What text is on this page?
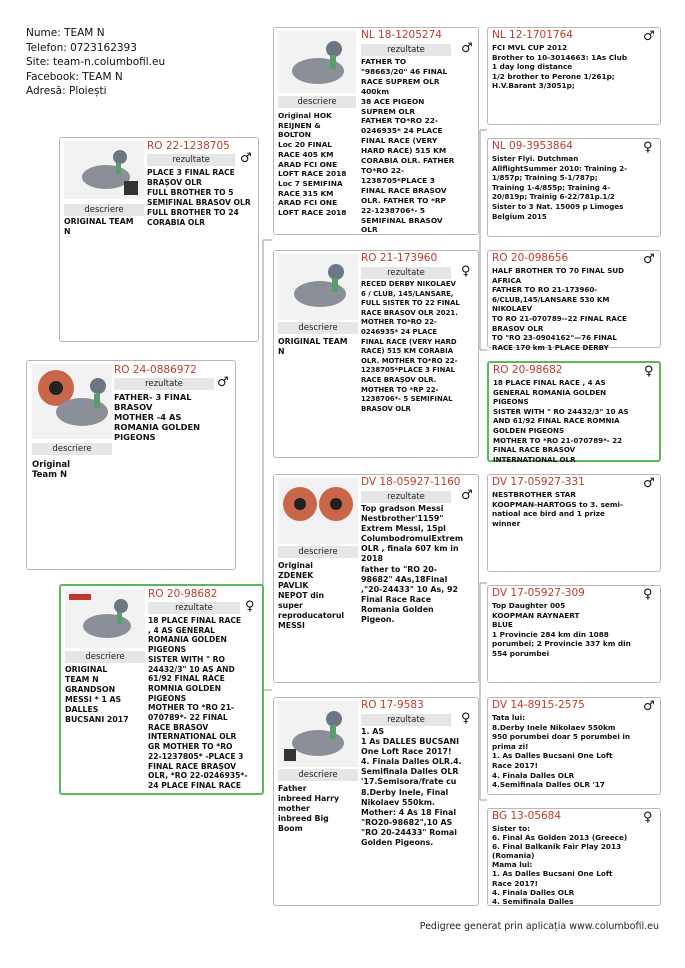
Nume: TEAM N
Telefon: 0723162393
Site: team-n.columbofil.eu
Facebook: TEAM N
Adresă: Ploiești
descriere
Original
Team N
RO 24-0886972
♂
rezultate
FATHER- 3 FINAL
BRASOV
MOTHER -4 AS
ROMANIA GOLDEN
PIGEONS
descriere
ORIGINAL TEAM
N
RO 22-1238705
♂
rezultate
PLACE 3 FINAL RACE
BRAȘOV OLR
FULL BROTHER TO 5
SEMIFINAL BRASOV OLR
FULL BROTHER TO 24
CORABIA OLR
descriere
ORIGINAL
TEAM N
GRANDSON
MESSI * 1 AS
DALLES
BUCSANI 2017
RO 20-98682
♀
rezultate
18 PLACE FINAL RACE
, 4 AS GENERAL
ROMANIA GOLDEN
PIGEONS
SISTER WITH " RO
24432/3" 10 AS AND
61/92 FINAL RACE
ROMNIA GOLDEN
PIGEONS
MOTHER TO *RO 21-
070789*- 22 FINAL
RACE BRASOV
INTERNATIONAL OLR
GR MOTHER TO *RO
22-1237805* -PLACE 3
FINAL RACE BRAȘOV
OLR, *RO 22-0246935*-
24 PLACE FINAL RACE
descriere
Original HOK
REIJNEN &
BOLTON
Loc 20 FINAL
RACE 405 KM
ARAD FCI ONE
LOFT RACE 2018
Loc 7 SEMIFINA
RACE 315 KM
ARAD FCI ONE
LOFT RACE 2018
NL 18-1205274
♂
rezultate
FATHER TO
"98663/20" 46 FINAL
RACE SUPREM OLR
400km
38 ACE PIGEON
SUPREM OLR
FATHER TO*RO 22-
0246935* 24 PLACE
FINAL RACE (VERY
HARD RACE) 515 KM
CORABIA OLR. FATHER
TO*RO 22-
1238705*PLACE 3
FINAL RACE BRAȘOV
OLR. FATHER TO *RP
22-1238706*- 5
SEMIFINAL BRASOV
OLR
descriere
ORIGINAL TEAM
N
RO 21-173960
♀
rezultate
RECED DERBY NIKOLAEV
6 / CLUB, 145/LANSARE,
FULL SISTER TO 22 FINAL
RACE BRAȘOV OLR 2021.
MOTHER TO*RO 22-
0246935* 24 PLACE
FINAL RACE (VERY HARD
RACE) 515 KM CORABIA
OLR. MOTHER TO*RO 22-
1238705*PLACE 3 FINAL
RACE BRAȘOV OLR.
MOTHER TO *RP 22-
1238706*- 5 SEMIFINAL
BRASOV OLR
descriere
Original
ZDENEK
PAVLIK
NEPOT din
super
reproducatorul
MESSI
DV 18-05927-1160
♂
rezultate
Top gradson Messi
Nestbrother'1159"
Extrem Messi, 15pl
ColumbodromulExtrem
OLR , finala 607 km in
2018
father to "RO 20-
98682" 4As,18Final
,"20-24433" 10 As, 92
Final Race Race
Romania Golden
Pigeon.
descriere
Father
inbreed Harry
mother
inbreed Big
Boom
RO 17-9583
♀
rezultate
1. AS
1 As DALLES BUCSANI
One Loft Race 2017!
4. Finala Dalles OLR.4.
Semifinala Dalles OLR
'17.Semisora/frate cu
8.Derby Inele, Final
Nikolaev 550km.
Mother: 4 As 18 Final
"RO20-98682",10 AS
"RO 20-24433" Romai
Golden Pigeons.
NL 12-1701764	♂
FCI MVL CUP 2012
Brother to 10-3014663: 1As Club
1 day long distance
1/2 brother to Perone 1/261p;
H.V.Barant 3/3051p;
NL 09-3953864	♀
Sister Flyi. Dutchman
AllflightSummer 2010: Training 2-
1/857p; Training 5-1/787p;
Training 1-4/855p; Training 4-
20/819p; Trainig 6-22/781p.1/2
Sister to 3 Nat. 15009 p Limoges
Belgium 2015
RO 20-098656	♂
HALF BROTHER TO 70 FINAL SUD
AFRICA
FATHER TO RO 21-173960-
6/CLUB,145/LANSARE 530 KM
NIKOLAEV
TO RO 21-070789--22 FINAL RACE
BRASOV OLR
TO "RO 23-0904162"—76 FINAL
RACE 170 km 1 PLACE DERBY
RO 20-98682	♀
18 PLACE FINAL RACE , 4 AS
GENERAL ROMANIA GOLDEN
PIGEONS
SISTER WITH " RO 24432/3" 10 AS
AND 61/92 FINAL RACE ROMNIA
GOLDEN PIGEONS
MOTHER TO *RO 21-070789*- 22
FINAL RACE BRASOV
INTERNATIONAL OLR
DV 17-05927-331	♂
NESTBROTHER STAR
KOOPMAN-HARTOGS to 3. semi-
natioal ace bird and 1 prize
winner
DV 17-05927-309	♀
Top Daughter 005
KOOPMAN RAYNAERT
BLUE
1 Provincie 284 km din 1088
porumbei; 2 Provincie 337 km din
554 porumbei
DV 14-8915-2575	♂
Tata lui:
8.Derby Inele Nikolaev 550km
950 porumbei doar 5 porumbei in
prima zi!
1. As Dalles Bucsani One Loft
Race 2017!
4. Finala Dalles OLR
4.Semifinala Dalles OLR '17
BG 13-05684	♀
Sister to:
6. Final As Golden 2013 (Greece)
6. Final Balkanik Fair Play 2013
(Romania)
Mama lui:
1. As Dalles Bucsani One Loft
Race 2017!
4. Finala Dalles OLR
4. Semifinala Dalles
Pedigree generat prin aplicația www.columbofil.eu
